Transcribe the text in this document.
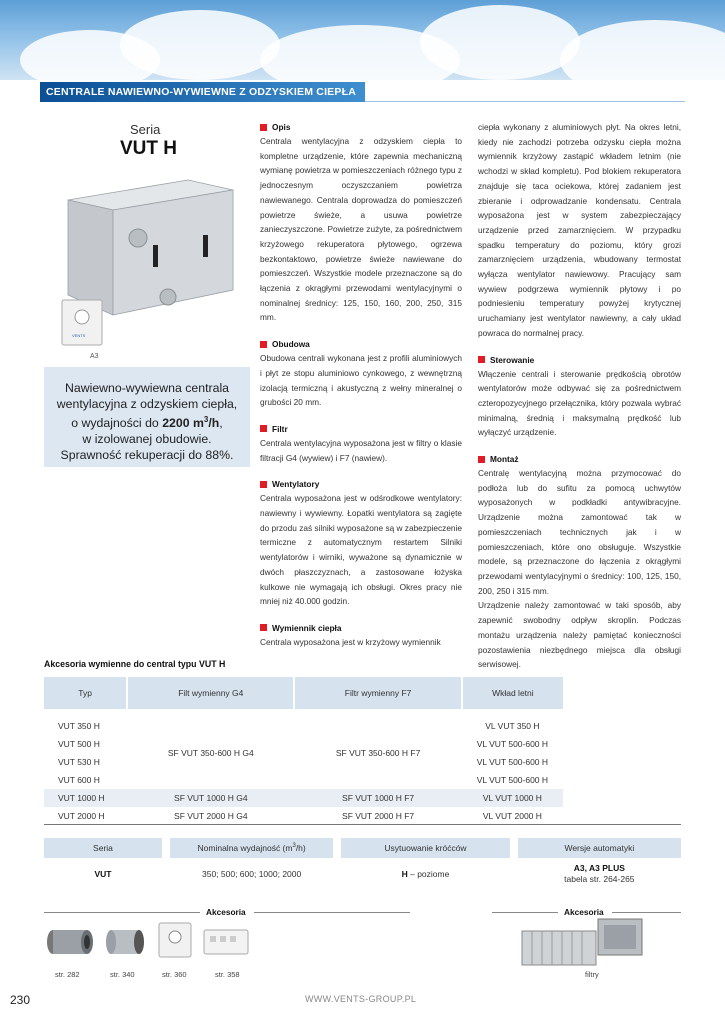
CENTRALE NAWIEWNO-WYWIEWNE Z ODZYSKIEM CIEPŁA
Seria
VUT H
VENTS
A3

Nawiewno-wywiewna centrala
wentylacyjna z odzyskiem ciepła,
o wydajności do 2200 $m^3/h$,
w izolowanej obudowie.
Sprawność rekuperacji do 88%.

Opis

Centrala wentylacyjna z odzyskiem ciepła to kompletne urządzenie, które zapewnia mechaniczną wymianę powietrza w pomieszczeniach różnego typu z jednoczesnym oczyszczaniem powietrza nawiewanego. Centrala doprowadza do pomieszczeń powietrze świeże, a usuwa powietrze zanieczyszczone. Powietrze zużyte, za pośrednictwem krzyżowego rekuperatora płytowego, ogrzewa bezkontaktowo, powietrze świeże nawiewane do pomieszczeń. Wszystkie modele przeznaczone są do łączenia z okrągłymi przewodami wentylacyjnymi o nominalnej średnicy: 125, 150, 160, 200, 250, 315 mm.

Obudowa

Obudowa centrali wykonana jest z profili aluminiowych i płyt ze stopu aluminiowo cynkowego, z wewnętrzną izolacją termiczną i akustyczną z wełny mineralnej o grubości 20 mm.

Filtr

Centrala wentylacyjna wyposażona jest w filtry o klasie filtracji G4 (wywiew) i F7 (nawiew).

Wentylatory

Centrala wyposażona jest w odśrodkowe wentylatory: nawiewny i wywiewny. Łopatki wentylatora są zagięte do przodu zaś silniki wyposażone są w zabezpieczenie termiczne z automatycznym restartem Silniki wentylatorów i wirniki, wyważone są dynamicznie w dwóch płaszczyznach, a zastosowane łożyska kulkowe nie wymagają ich obsługi. Okres pracy nie mniej niż 40.000 godzin.

Wymiennik ciepła

Centrala wyposażona jest w krzyżowy wymiennik

ciepła wykonany z aluminiowych płyt. Na okres letni, kiedy nie zachodzi potrzeba odzysku ciepła można wymiennik krzyżowy zastąpić wkładem letnim (nie wchodzi w skład kompletu). Pod blokiem rekuperatora znajduje się taca ociekowa, której zadaniem jest zbieranie i odprowadzanie kondensatu. Centrala wyposażona jest w system zabezpieczający urządzenie przed zamarznięciem. W przypadku spadku temperatury do poziomu, który grozi zamarznięciem urządzenia, wbudowany termostat wyłącza wentylator nawiewowy. Pracujący sam wywiew podgrzewa wymiennik płytowy i po podniesieniu temperatury powyżej krytycznej uruchamiany jest wentylator nawiewny, a cały układ powraca do normalnej pracy.

Sterowanie

Włączenie centrali i sterowanie prędkością obrotów wentylatorów może odbywać się za pośrednictwem czteropozycyjnego przełącznika, który pozwala wybrać minimalną, średnią i maksymalną prędkość lub wyłączyć urządzenie.

Montaż

Centralę wentylacyjną można przymocować do podłoża lub do sufitu za pomocą uchwytów wyposażonych w podkładki antywibracyjne. Urządzenie można zamontować tak w pomieszczeniach technicznych jak i w pomieszczeniach, które ono obsługuje. Wszystkie modele, są przeznaczone do łączenia z okrągłymi przewodami wentylacyjnymi o średnicy: 100, 125, 150, 200, 250 i 315 mm.

Urządzenie należy zamontować w taki sposób, aby zapewnić swobodny odpływ skroplin. Podczas montażu urządzenia należy pamiętać konieczności pozostawienia niezbędnego miejsca dla obsługi serwisowej.

Akcesoria wymienne do central typu VUT H
Typ	Filt wymienny G4	Filtr wymienny F7	Wkład letni

VUT 350 H	SF VUT 350-600 H G4	SF VUT 350-600 H F7	VL VUT 350 H
VUT 500 H			VL VUT 500-600 H
VUT 530 H			VL VUT 500-600 H
VUT 600 H			VL VUT 500-600 H
VUT 1000 H	SF VUT 1000 H G4	SF VUT 1000 H F7	VL VUT 1000 H
VUT 2000 H	SF VUT 2000 H G4	SF VUT 2000 H F7	VL VUT 2000 H
Seria	Nominalna wydajność $(m^3/h)$	Usytuowanie króćców	Wersje automatyki
VUT	350; 500; 600; 1000; 2000	H – poziome	A3, A3 PLUS
tabela str. 264-265
Akcesoria	Akcesoria
str. 282	str. 340	str. 360	str. 358	filtry
230	WWW.VENTS-GROUP.PL
